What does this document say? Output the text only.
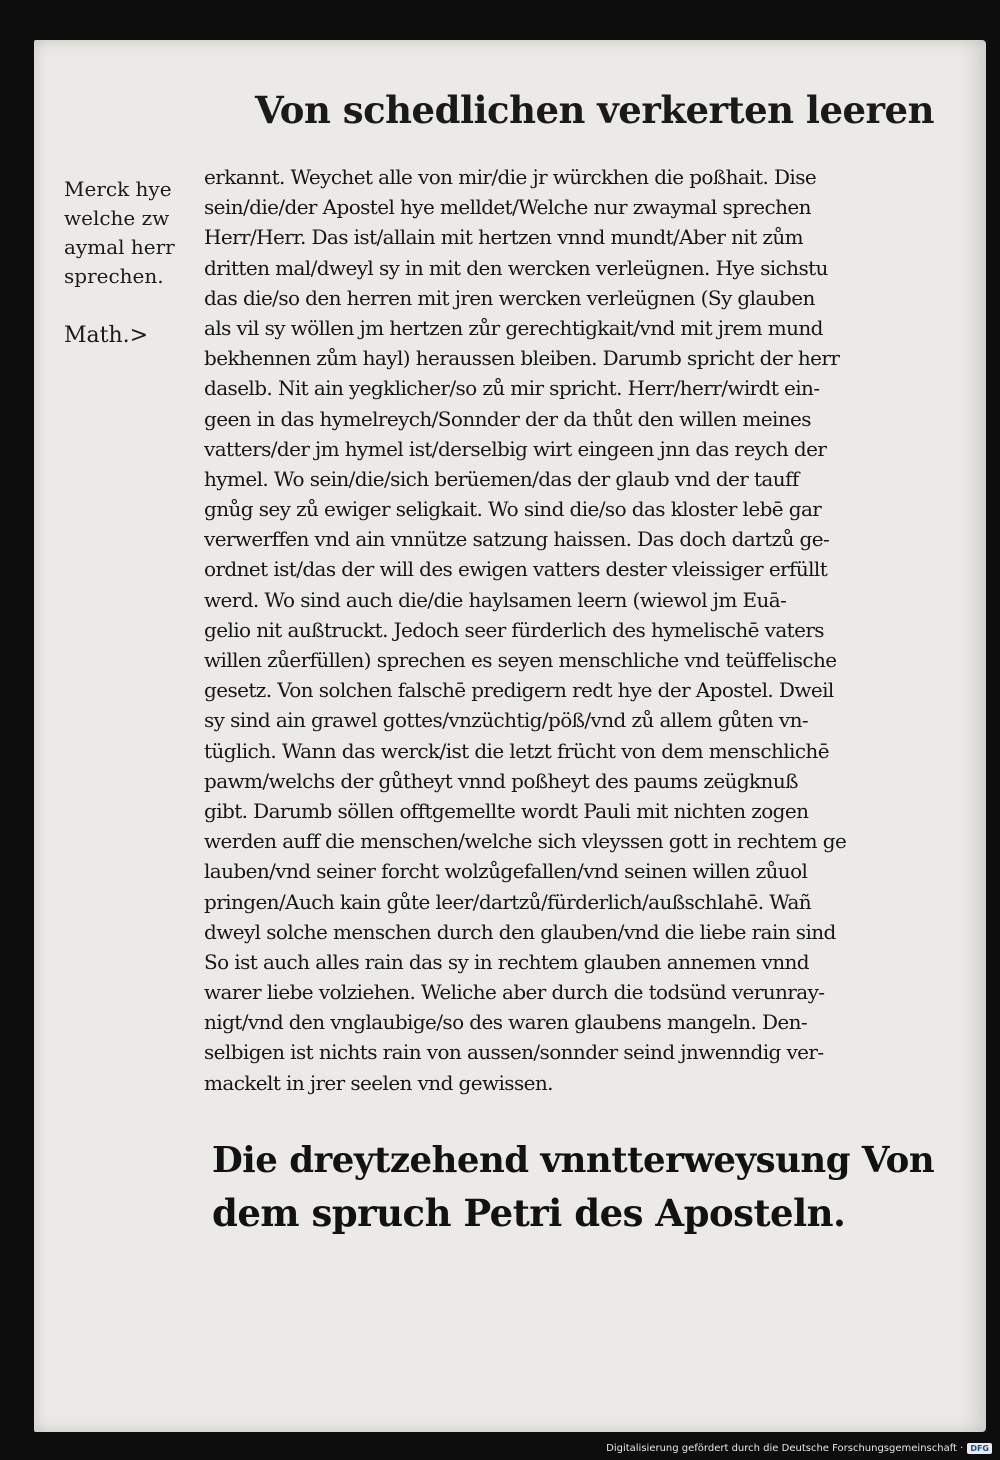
Von schedlichen verkerten leeren
Merck hye
welche zw
aymal herr
sprechen.
Math.>
erkannt. Weychet alle von mir/die jr würckhen die poßhait. Dise
sein/die/der Apostel hye melldet/Welche nur zwaymal sprechen
Herr/Herr. Das ist/allain mit hertzen vnnd mundt/Aber nit zům
dritten mal/dweyl sy in mit den wercken verleügnen. Hye sichstu
das die/so den herren mit jren wercken verleügnen (Sy glauben
als vil sy wöllen jm hertzen zůr gerechtigkait/vnd mit jrem mund
bekhennen zům hayl) heraussen bleiben. Darumb spricht der herr
daselb. Nit ain yegklicher/so zů mir spricht. Herr/herr/wirdt ein-
geen in das hymelreych/Sonnder der da thůt den willen meines
vatters/der jm hymel ist/derselbig wirt eingeen jnn das reych der
hymel. Wo sein/die/sich berüemen/das der glaub vnd der tauff
gnůg sey zů ewiger seligkait. Wo sind die/so das kloster lebē gar
verwerffen vnd ain vnnütze satzung haissen. Das doch dartzů ge-
ordnet ist/das der will des ewigen vatters dester vleissiger erfüllt
werd. Wo sind auch die/die haylsamen leern (wiewol jm Euā-
gelio nit außtruckt. Jedoch seer fürderlich des hymelischē vaters
willen zůerfüllen) sprechen es seyen menschliche vnd teüffelische
gesetz. Von solchen falschē predigern redt hye der Apostel. Dweil
sy sind ain grawel gottes/vnzüchtig/pöß/vnd zů allem gůten vn-
tüglich. Wann das werck/ist die letzt frücht von dem menschlichē
pawm/welchs der gůtheyt vnnd poßheyt des paums zeügknuß
gibt. Darumb söllen offtgemellte wordt Pauli mit nichten zogen
werden auff die menschen/welche sich vleyssen gott in rechtem ge
lauben/vnd seiner forcht wolzůgefallen/vnd seinen willen zůuol
pringen/Auch kain gůte leer/dartzů/fürderlich/außschlahē. Wañ
dweyl solche menschen durch den glauben/vnd die liebe rain sind
So ist auch alles rain das sy in rechtem glauben annemen vnnd
warer liebe volziehen. Weliche aber durch die todsünd verunray-
nigt/vnd den vnglaubige/so des waren glaubens mangeln. Den-
selbigen ist nichts rain von aussen/sonnder seind jnwenndig ver-
mackelt in jrer seelen vnd gewissen.
Die dreytzehend vnntterweysung Von
dem spruch Petri des Aposteln.
Digitalisierung gefördert durch die Deutsche Forschungsgemeinschaft · DFG
